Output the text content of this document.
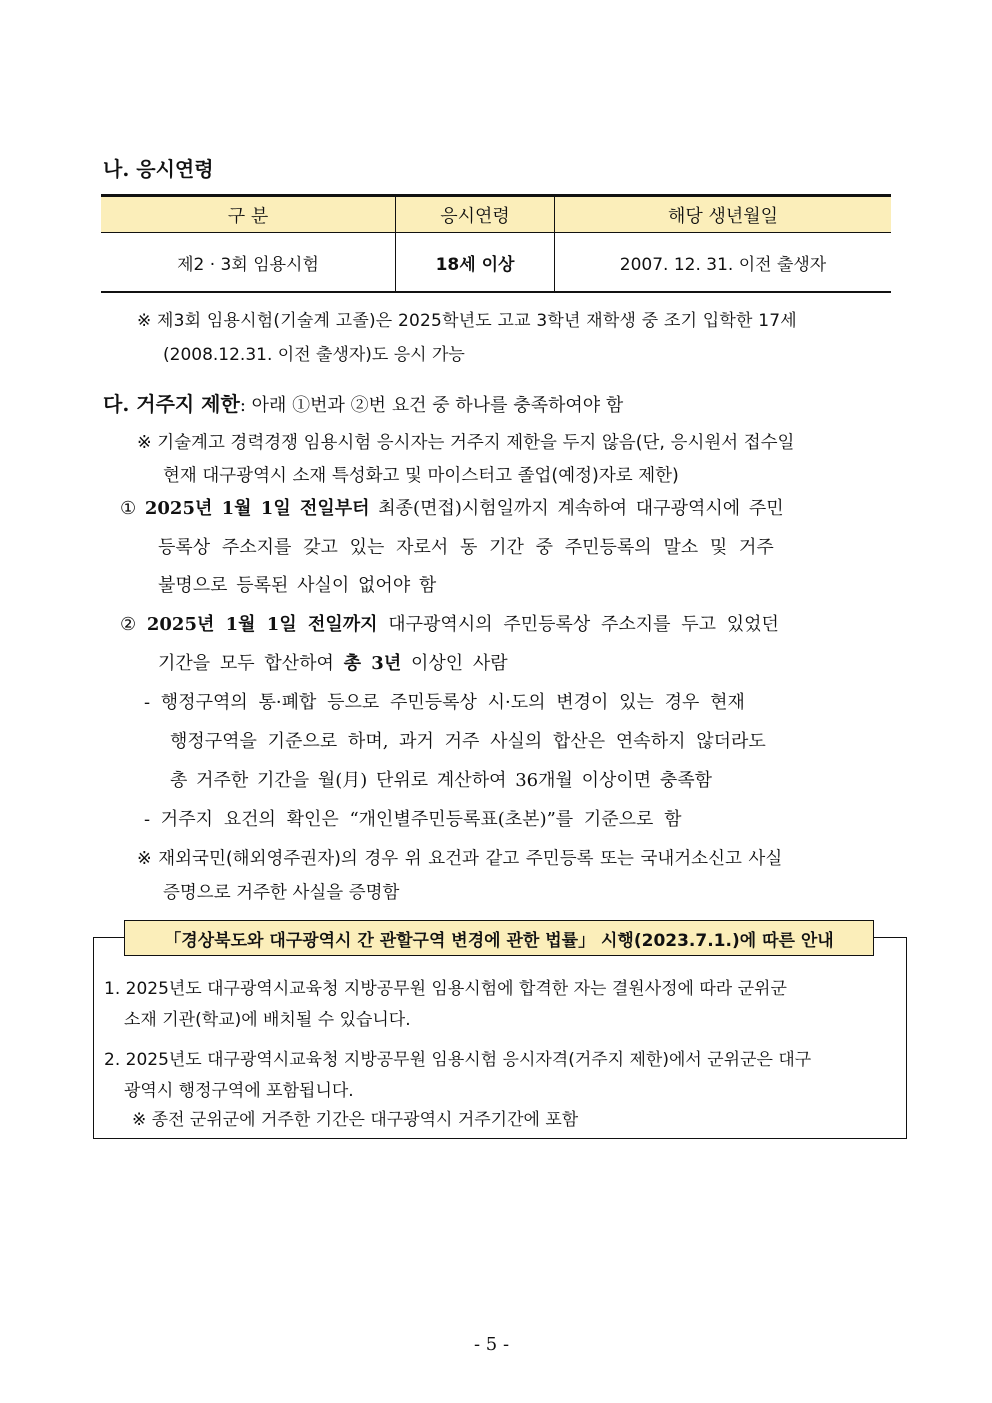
나. 응시연령
구 분	응시연령	해당 생년월일
제2 · 3회 임용시험	18세 이상	2007. 12. 31. 이전 출생자
※ 제3회 임용시험(기술계 고졸)은 2025학년도 고교 3학년 재학생 중 조기 입학한 17세
(2008.12.31. 이전 출생자)도 응시 가능
다. 거주지 제한: 아래 ①번과 ②번 요건 중 하나를 충족하여야 함
※ 기술계고 경력경쟁 임용시험 응시자는 거주지 제한을 두지 않음(단, 응시원서 접수일
현재 대구광역시 소재 특성화고 및 마이스터고 졸업(예정)자로 제한)
① 2025년 1월 1일 전일부터 최종(면접)시험일까지 계속하여 대구광역시에 주민
등록상 주소지를 갖고 있는 자로서 동 기간 중 주민등록의 말소 및 거주
불명으로 등록된 사실이 없어야 함
② 2025년 1월 1일 전일까지 대구광역시의 주민등록상 주소지를 두고 있었던
기간을 모두 합산하여 총 3년 이상인 사람
- 행정구역의 통·폐합 등으로 주민등록상 시·도의 변경이 있는 경우 현재
행정구역을 기준으로 하며, 과거 거주 사실의 합산은 연속하지 않더라도
총 거주한 기간을 월(月) 단위로 계산하여 36개월 이상이면 충족함
- 거주지 요건의 확인은 “개인별주민등록표(초본)”를 기준으로 함
※ 재외국민(해외영주권자)의 경우 위 요건과 같고 주민등록 또는 국내거소신고 사실
증명으로 거주한 사실을 증명함
「경상북도와 대구광역시 간 관할구역 변경에 관한 법률」 시행(2023.7.1.)에 따른 안내
1. 2025년도 대구광역시교육청 지방공무원 임용시험에 합격한 자는 결원사정에 따라 군위군
소재 기관(학교)에 배치될 수 있습니다.
2. 2025년도 대구광역시교육청 지방공무원 임용시험 응시자격(거주지 제한)에서 군위군은 대구
광역시 행정구역에 포함됩니다.
※ 종전 군위군에 거주한 기간은 대구광역시 거주기간에 포함
- 5 -
